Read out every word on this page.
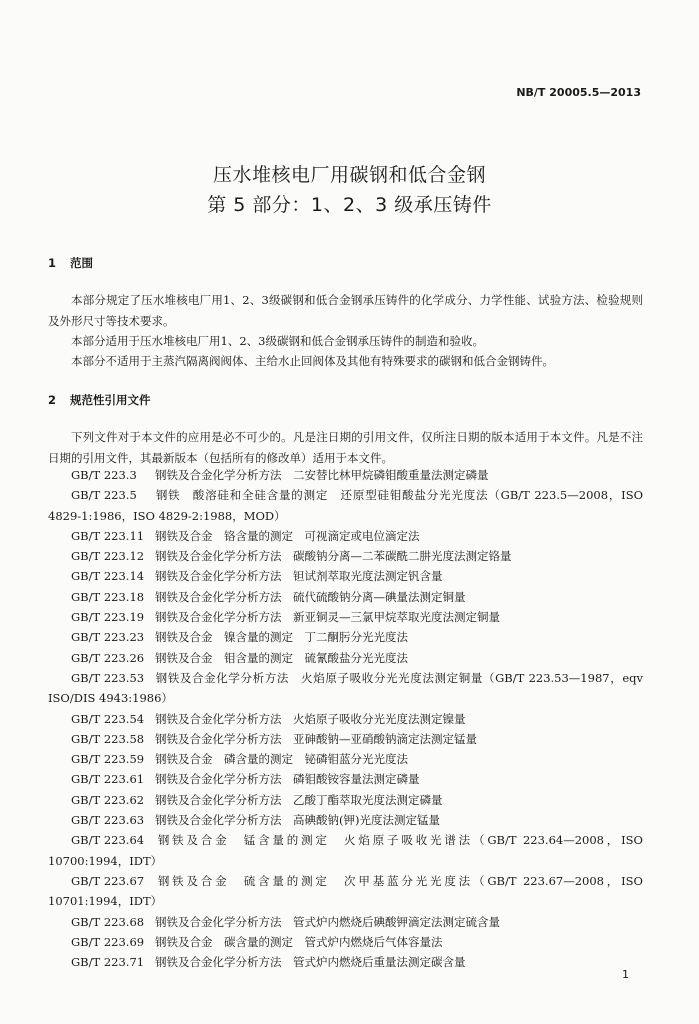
NB/T 20005.5—2013
压水堆核电厂用碳钢和低合金钢
第 5 部分：1、2、3 级承压铸件
1 范围
本部分规定了压水堆核电厂用1、2、3级碳钢和低合金钢承压铸件的化学成分、力学性能、试验方法、检验规则及外形尺寸等技术要求。
本部分适用于压水堆核电厂用1、2、3级碳钢和低合金钢承压铸件的制造和验收。
本部分不适用于主蒸汽隔离阀阀体、主给水止回阀体及其他有特殊要求的碳钢和低合金钢铸件。
2 规范性引用文件
下列文件对于本文件的应用是必不可少的。凡是注日期的引用文件，仅所注日期的版本适用于本文件。凡是不注日期的引用文件，其最新版本（包括所有的修改单）适用于本文件。
GB/T 223.3 钢铁及合金化学分析方法　二安替比林甲烷磷钼酸重量法测定磷量
GB/T 223.5 钢铁　酸溶硅和全硅含量的测定　还原型硅钼酸盐分光光度法（GB/T 223.5—2008，ISO 4829-1:1986，ISO 4829-2:1988，MOD）
GB/T 223.11 钢铁及合金　铬含量的测定　可视滴定或电位滴定法
GB/T 223.12 钢铁及合金化学分析方法　碳酸钠分离—二苯碳酰二肼光度法测定铬量
GB/T 223.14 钢铁及合金化学分析方法　钽试剂萃取光度法测定钒含量
GB/T 223.18 钢铁及合金化学分析方法　硫代硫酸钠分离—碘量法测定铜量
GB/T 223.19 钢铁及合金化学分析方法　新亚铜灵—三氯甲烷萃取光度法测定铜量
GB/T 223.23 钢铁及合金　镍含量的测定　丁二酮肟分光光度法
GB/T 223.26 钢铁及合金　钼含量的测定　硫氰酸盐分光光度法
GB/T 223.53 钢铁及合金化学分析方法　火焰原子吸收分光光度法测定铜量（GB/T 223.53—1987，eqv ISO/DIS 4943:1986）
GB/T 223.54 钢铁及合金化学分析方法　火焰原子吸收分光光度法测定镍量
GB/T 223.58 钢铁及合金化学分析方法　亚砷酸钠—亚硝酸钠滴定法测定锰量
GB/T 223.59 钢铁及合金　磷含量的测定　铋磷钼蓝分光光度法
GB/T 223.61 钢铁及合金化学分析方法　磷钼酸铵容量法测定磷量
GB/T 223.62 钢铁及合金化学分析方法　乙酸丁酯萃取光度法测定磷量
GB/T 223.63 钢铁及合金化学分析方法　高碘酸钠(钾)光度法测定锰量
GB/T 223.64 钢铁及合金　锰含量的测定　火焰原子吸收光谱法（GB/T 223.64—2008，ISO 10700:1994，IDT）
GB/T 223.67 钢铁及合金　硫含量的测定　次甲基蓝分光光度法（GB/T 223.67—2008，ISO 10701:1994，IDT）
GB/T 223.68 钢铁及合金化学分析方法　管式炉内燃烧后碘酸钾滴定法测定硫含量
GB/T 223.69 钢铁及合金　碳含量的测定　管式炉内燃烧后气体容量法
GB/T 223.71 钢铁及合金化学分析方法　管式炉内燃烧后重量法测定碳含量
1
